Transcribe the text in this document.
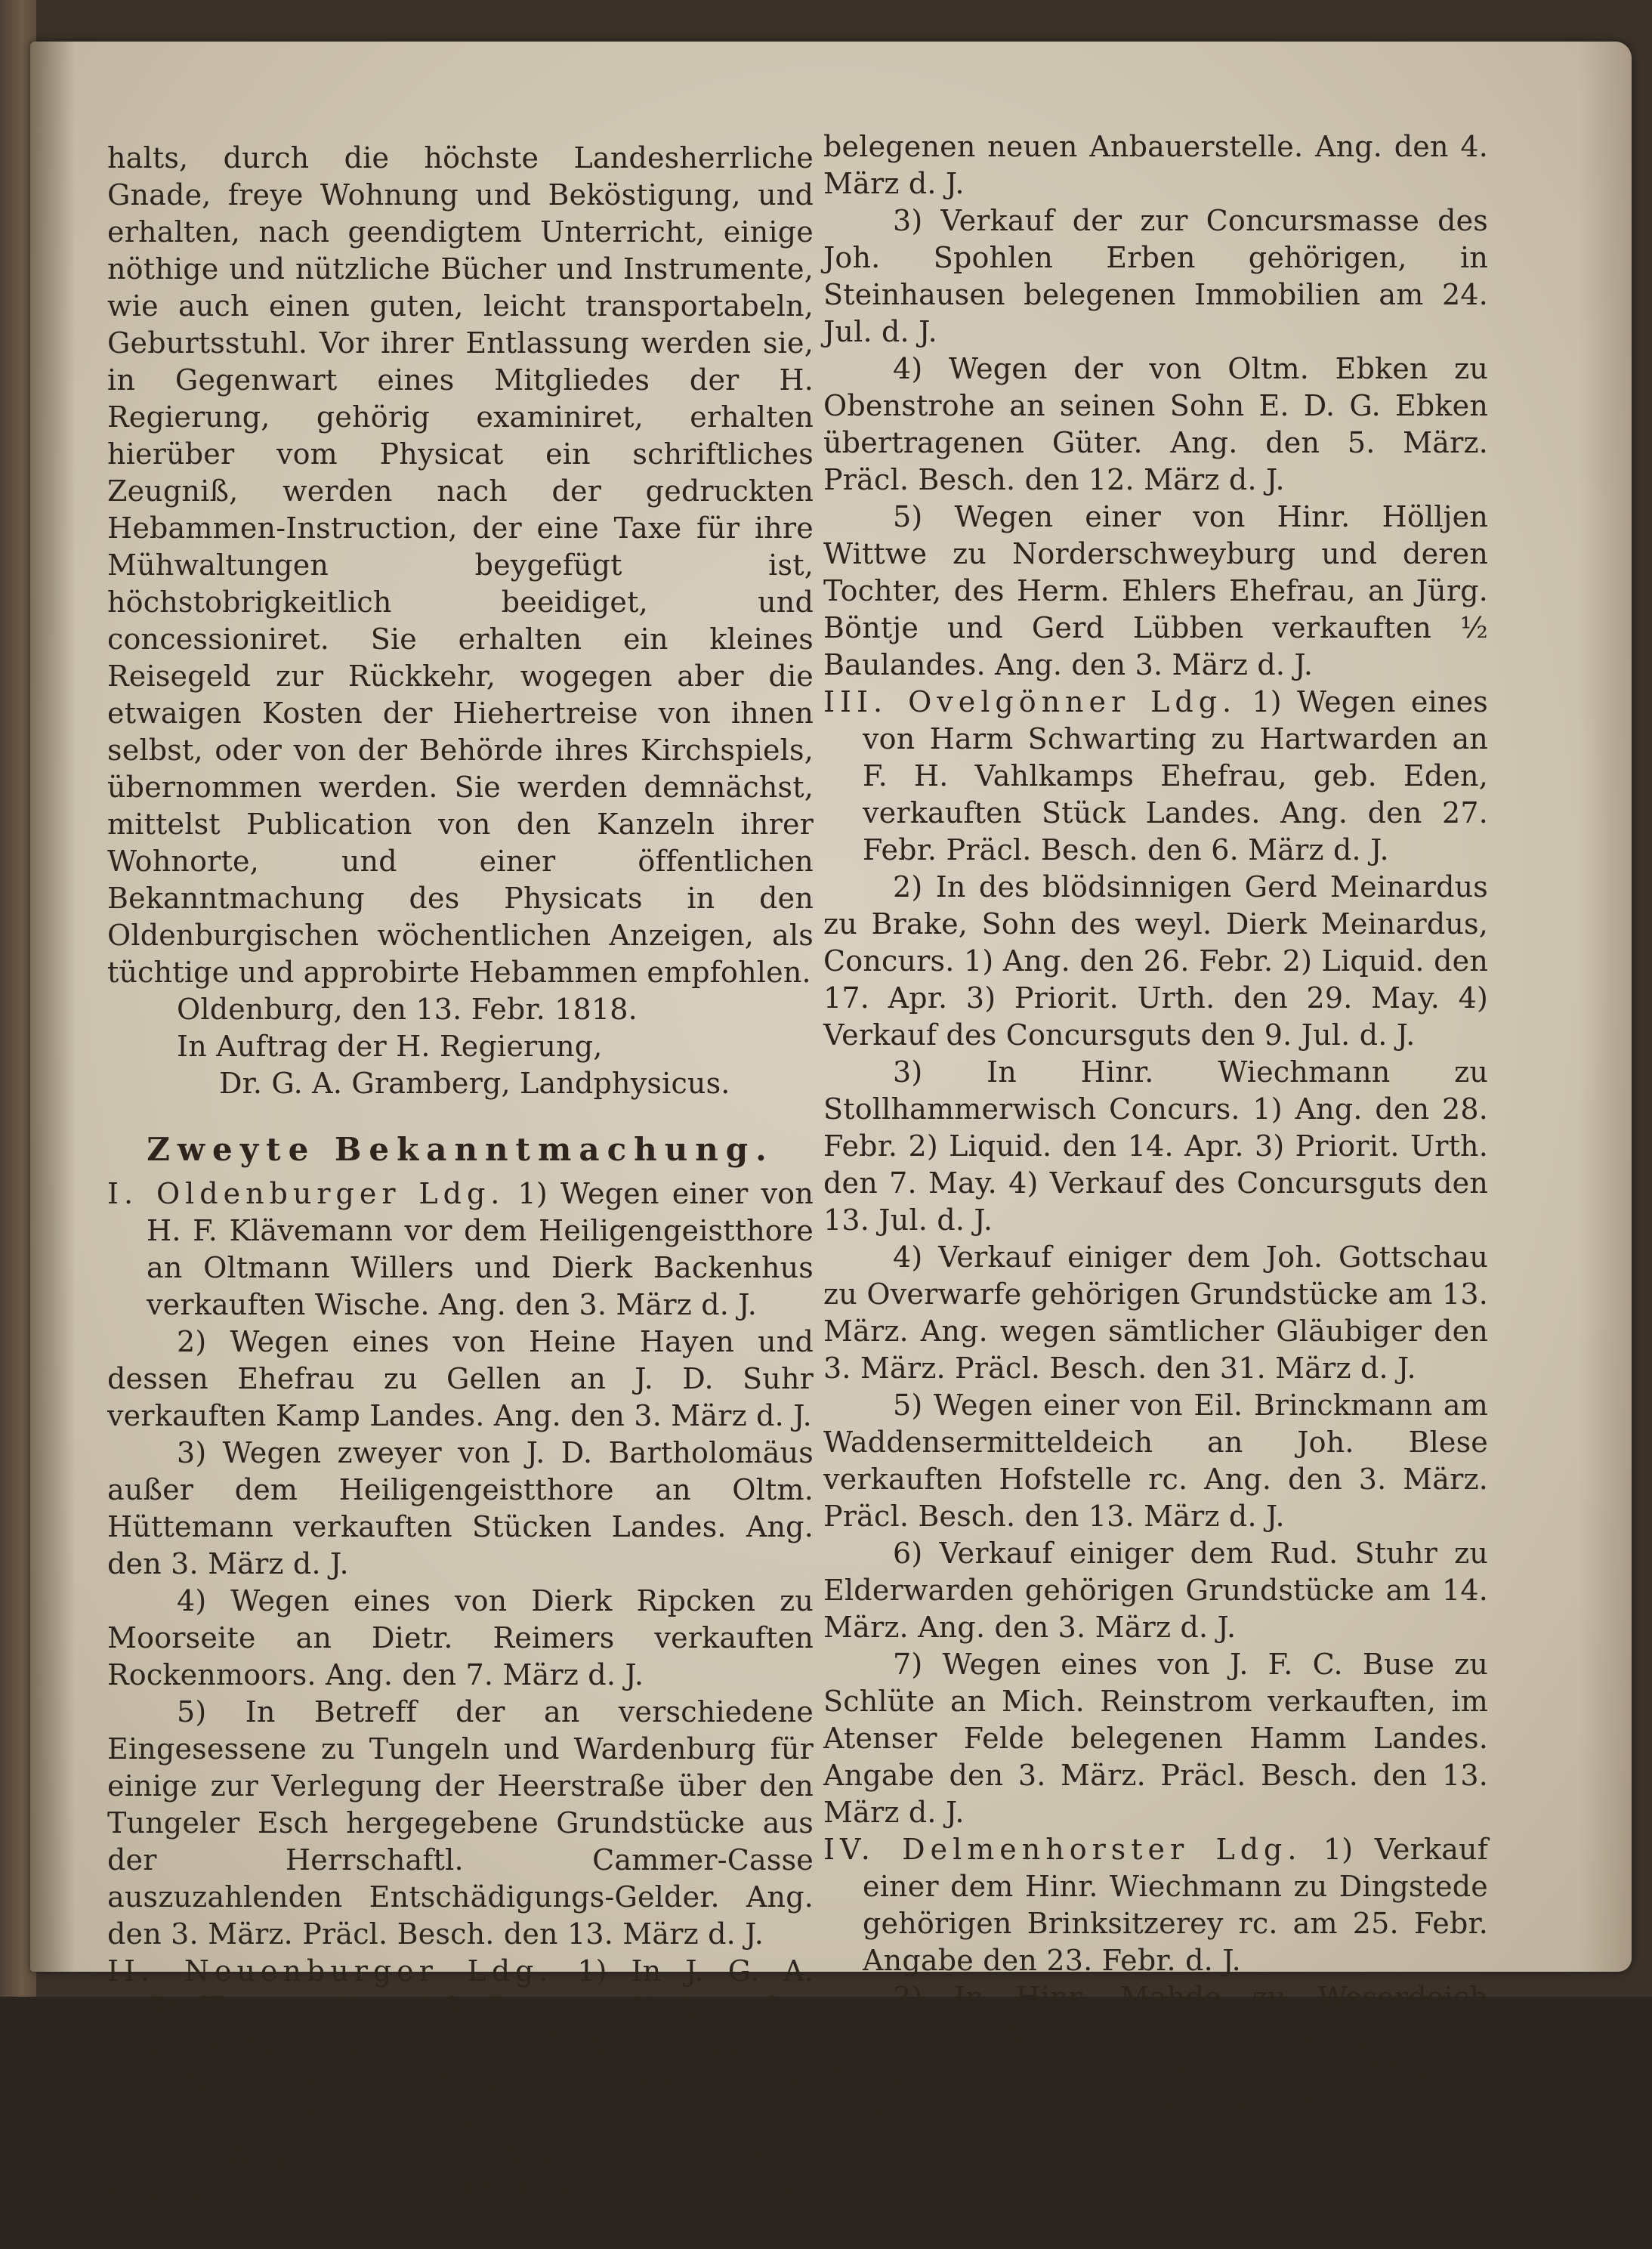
halts, durch die höchste Landesherrliche Gnade, freye Wohnung und Beköstigung, und erhalten, nach geendigtem Unterricht, einige nöthige und nützliche Bücher und Instrumente, wie auch einen guten, leicht transportabeln, Geburtsstuhl. Vor ihrer Entlassung werden sie, in Gegenwart eines Mitgliedes der H. Regierung, gehörig examiniret, erhalten hierüber vom Physicat ein schriftliches Zeugniß, werden nach der gedruckten Hebammen-Instruction, der eine Taxe für ihre Mühwaltungen beygefügt ist, höchstobrigkeitlich beeidiget, und concessioniret. Sie erhalten ein kleines Reisegeld zur Rückkehr, wogegen aber die etwaigen Kosten der Hiehertreise von ihnen selbst, oder von der Behörde ihres Kirchspiels, übernommen werden. Sie werden demnächst, mittelst Publication von den Kanzeln ihrer Wohnorte, und einer öffentlichen Bekanntmachung des Physicats in den Oldenburgischen wöchentlichen Anzeigen, als tüchtige und approbirte Hebammen empfohlen.

Oldenburg, den 13. Febr. 1818.

In Auftrag der H. Regierung,

Dr. G. A. Gramberg, Landphysicus.

Zweyte Bekanntmachung.

I. Oldenburger Ldg. 1) Wegen einer von H. F. Klävemann vor dem Heiligengeistthore an Oltmann Willers und Dierk Backenhus verkauften Wische. Ang. den 3. März d. J.

2) Wegen eines von Heine Hayen und dessen Ehefrau zu Gellen an J. D. Suhr verkauften Kamp Landes. Ang. den 3. März d. J.

3) Wegen zweyer von J. D. Bartholomäus außer dem Heiligengeistthore an Oltm. Hüttemann verkauften Stücken Landes. Ang. den 3. März d. J.

4) Wegen eines von Dierk Ripcken zu Moorseite an Dietr. Reimers verkauften Rockenmoors. Ang. den 7. März d. J.

5) In Betreff der an verschiedene Eingesessene zu Tungeln und Wardenburg für einige zur Verlegung der Heerstraße über den Tungeler Esch hergegebene Grundstücke aus der Herrschaftl. Cammer-Casse auszuzahlenden Entschädigungs-Gelder. Ang. den 3. März. Präcl. Besch. den 13. März d. J.

II. Neuenburger Ldg. 1) In J. G. A. Steffken zu Hauwiek Concurs. 1) Ang. den 26. Febr. 2) Liquid. den 7. Apr. 3) Priorit. Urth. den 18. May. 4) Verkauf des Concursguts den 2. Jul. d. J.

2) Wegen einer von Alb. Albers an Hinr. Feldtange und dessen Ehefrau verkauften, zu Seestede

belegenen neuen Anbauerstelle. Ang. den 4. März d. J.

3) Verkauf der zur Concursmasse des Joh. Spohlen Erben gehörigen, in Steinhausen belegenen Immobilien am 24. Jul. d. J.

4) Wegen der von Oltm. Ebken zu Obenstrohe an seinen Sohn E. D. G. Ebken übertragenen Güter. Ang. den 5. März. Präcl. Besch. den 12. März d. J.

5) Wegen einer von Hinr. Hölljen Wittwe zu Norderschweyburg und deren Tochter, des Herm. Ehlers Ehefrau, an Jürg. Böntje und Gerd Lübben verkauften ½ Baulandes. Ang. den 3. März d. J.

III. Ovelgönner Ldg. 1) Wegen eines von Harm Schwarting zu Hartwarden an F. H. Vahlkamps Ehefrau, geb. Eden, verkauften Stück Landes. Ang. den 27. Febr. Präcl. Besch. den 6. März d. J.

2) In des blödsinnigen Gerd Meinardus zu Brake, Sohn des weyl. Dierk Meinardus, Concurs. 1) Ang. den 26. Febr. 2) Liquid. den 17. Apr. 3) Priorit. Urth. den 29. May. 4) Verkauf des Concursguts den 9. Jul. d. J.

3) In Hinr. Wiechmann zu Stollhammerwisch Concurs. 1) Ang. den 28. Febr. 2) Liquid. den 14. Apr. 3) Priorit. Urth. den 7. May. 4) Verkauf des Concursguts den 13. Jul. d. J.

4) Verkauf einiger dem Joh. Gottschau zu Overwarfe gehörigen Grundstücke am 13. März. Ang. wegen sämtlicher Gläubiger den 3. März. Präcl. Besch. den 31. März d. J.

5) Wegen einer von Eil. Brinckmann am Waddensermitteldeich an Joh. Blese verkauften Hofstelle rc. Ang. den 3. März. Präcl. Besch. den 13. März d. J.

6) Verkauf einiger dem Rud. Stuhr zu Elderwarden gehörigen Grundstücke am 14. März. Ang. den 3. März d. J.

7) Wegen eines von J. F. C. Buse zu Schlüte an Mich. Reinstrom verkauften, im Atenser Felde belegenen Hamm Landes. Angabe den 3. März. Präcl. Besch. den 13. März d. J.

IV. Delmenhorster Ldg. 1) Verkauf einer dem Hinr. Wiechmann zu Dingstede gehörigen Brinksitzerey rc. am 25. Febr. Angabe den 23. Febr. d. J.

2) In Hinr. Mahde zu Weserdeich Concurs. 1) Ang. den 25. Febr. 2) Liquid. den 9. Apr. 3) Priorit. Urth. den 20. May. 4) Verkauf des Concursguts den 3. Jul. d. J.
